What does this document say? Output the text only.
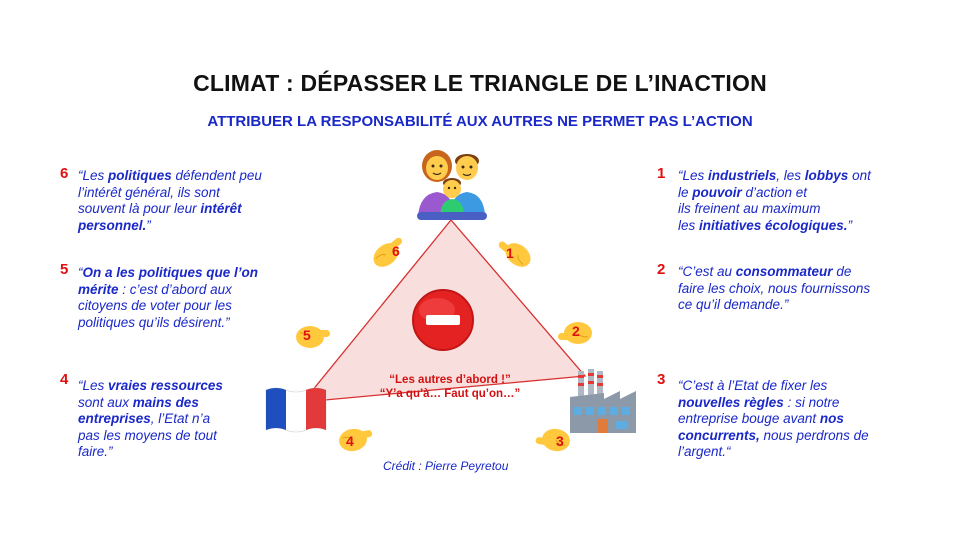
CLIMAT : DÉPASSER LE TRIANGLE DE L’INACTION
ATTRIBUER LA RESPONSABILITÉ AUX AUTRES NE PERMET PAS L’ACTION
6	1
5	2
4	3
“Les autres d’abord !”
“Y’a qu’à… Faut qu’on…”
6
5
4
1
2
3
“Les politiques défendent peu
l’intérêt général, ils sont
souvent là pour leur intérêt
personnel.”
“On a les politiques que l’on
mérite : c’est d’abord aux
citoyens de voter pour les
politiques qu’ils désirent.”
“Les vraies ressources
sont aux mains des
entreprises, l’Etat n’a
pas les moyens de tout
faire.”
“Les industriels, les lobbys ont
le pouvoir d’action et
ils freinent au maximum
les initiatives écologiques.”
“C’est au consommateur de
faire les choix, nous fournissons
ce qu’il demande.”
“C’est à l’Etat de fixer les
nouvelles règles : si notre
entreprise bouge avant nos
concurrents, nous perdrons de
l’argent.“
Crédit : Pierre Peyretou
